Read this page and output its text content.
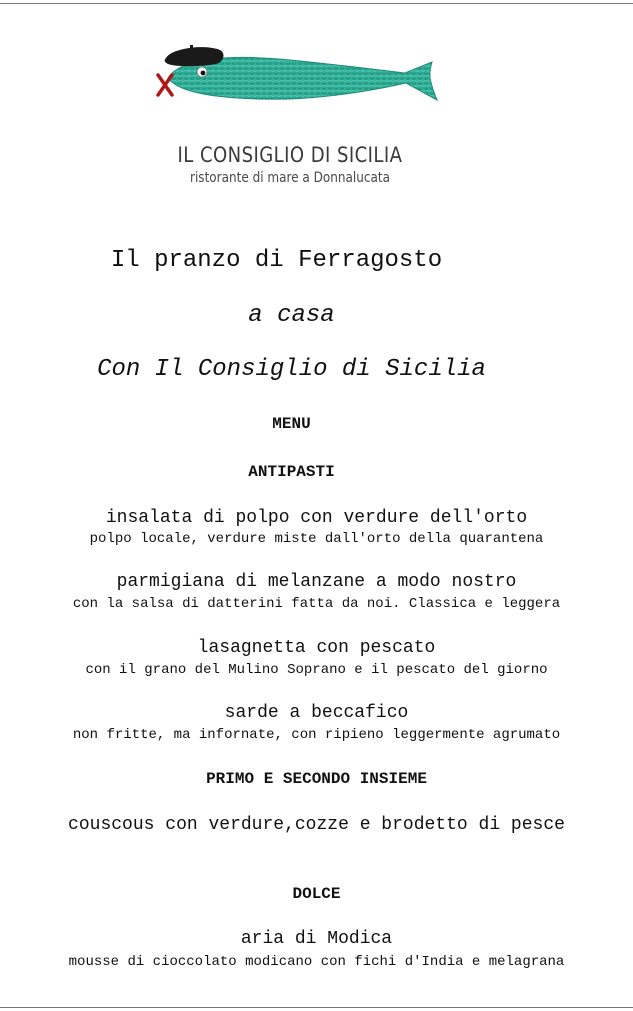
IL CONSIGLIO DI SICILIA
ristorante di mare a Donnalucata
Il pranzo di Ferragosto
a casa
Con Il Consiglio di Sicilia
MENU
ANTIPASTI
insalata di polpo con verdure dell'orto
polpo locale, verdure miste dall'orto della quarantena
parmigiana di melanzane a modo nostro
con la salsa di datterini fatta da noi. Classica e leggera
lasagnetta con pescato
con il grano del Mulino Soprano e il pescato del giorno
sarde a beccafico
non fritte, ma infornate, con ripieno leggermente agrumato
PRIMO E SECONDO INSIEME
couscous con verdure,cozze e brodetto di pesce
DOLCE
aria di Modica
mousse di cioccolato modicano con fichi d'India e melagrana
